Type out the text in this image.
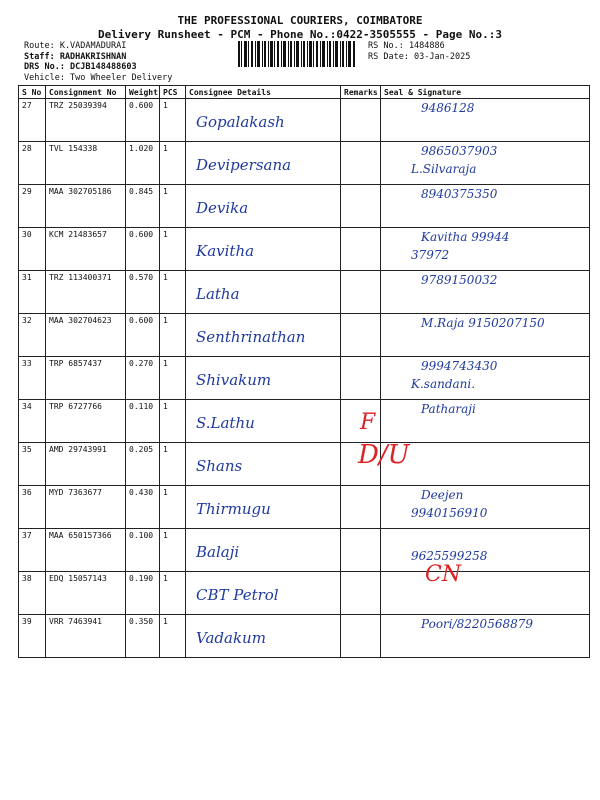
THE PROFESSIONAL COURIERS, COIMBATORE
Delivery Runsheet - PCM - Phone No.:0422-3505555 - Page No.:3
Route: K.VADAMADURAI
Staff: RADHAKRISHNAN
DRS No.: DCJB148488603
Vehicle: Two Wheeler Delivery
RS No.: 1484886
RS Date: 03-Jan-2025
S No	Consignment No	Weight	PCS	Consignee Details	Remarks	Seal & Signature
27	TRZ 25039394	0.600	1	Gopalakash		9486128

28	TVL 154338	1.020	1	Devipersana		9865037903
L.Silvaraja

29	MAA 302705186	0.845	1	Devika		8940375350

30	KCM 21483657	0.600	1	Kavitha		Kavitha 99944
37972

31	TRZ 113400371	0.570	1	Latha		9789150032

32	MAA 302704623	0.600	1	Senthrinathan		M.Raja 9150207150

33	TRP 6857437	0.270	1	Shivakum		9994743430
K.sandani.

34	TRP 6727766	0.110	1	S.Lathu		Patharaji

35	AMD 29743991	0.205	1	Shans		

36	MYD 7363677	0.430	1	Thirmugu		Deejen
9940156910

37	MAA 650157366	0.100	1	Balaji		9625599258

38	EDQ 15057143	0.190	1	CBT Petrol		

39	VRR 7463941	0.350	1	Vadakum		Poori/8220568879
F
D/U
CN
